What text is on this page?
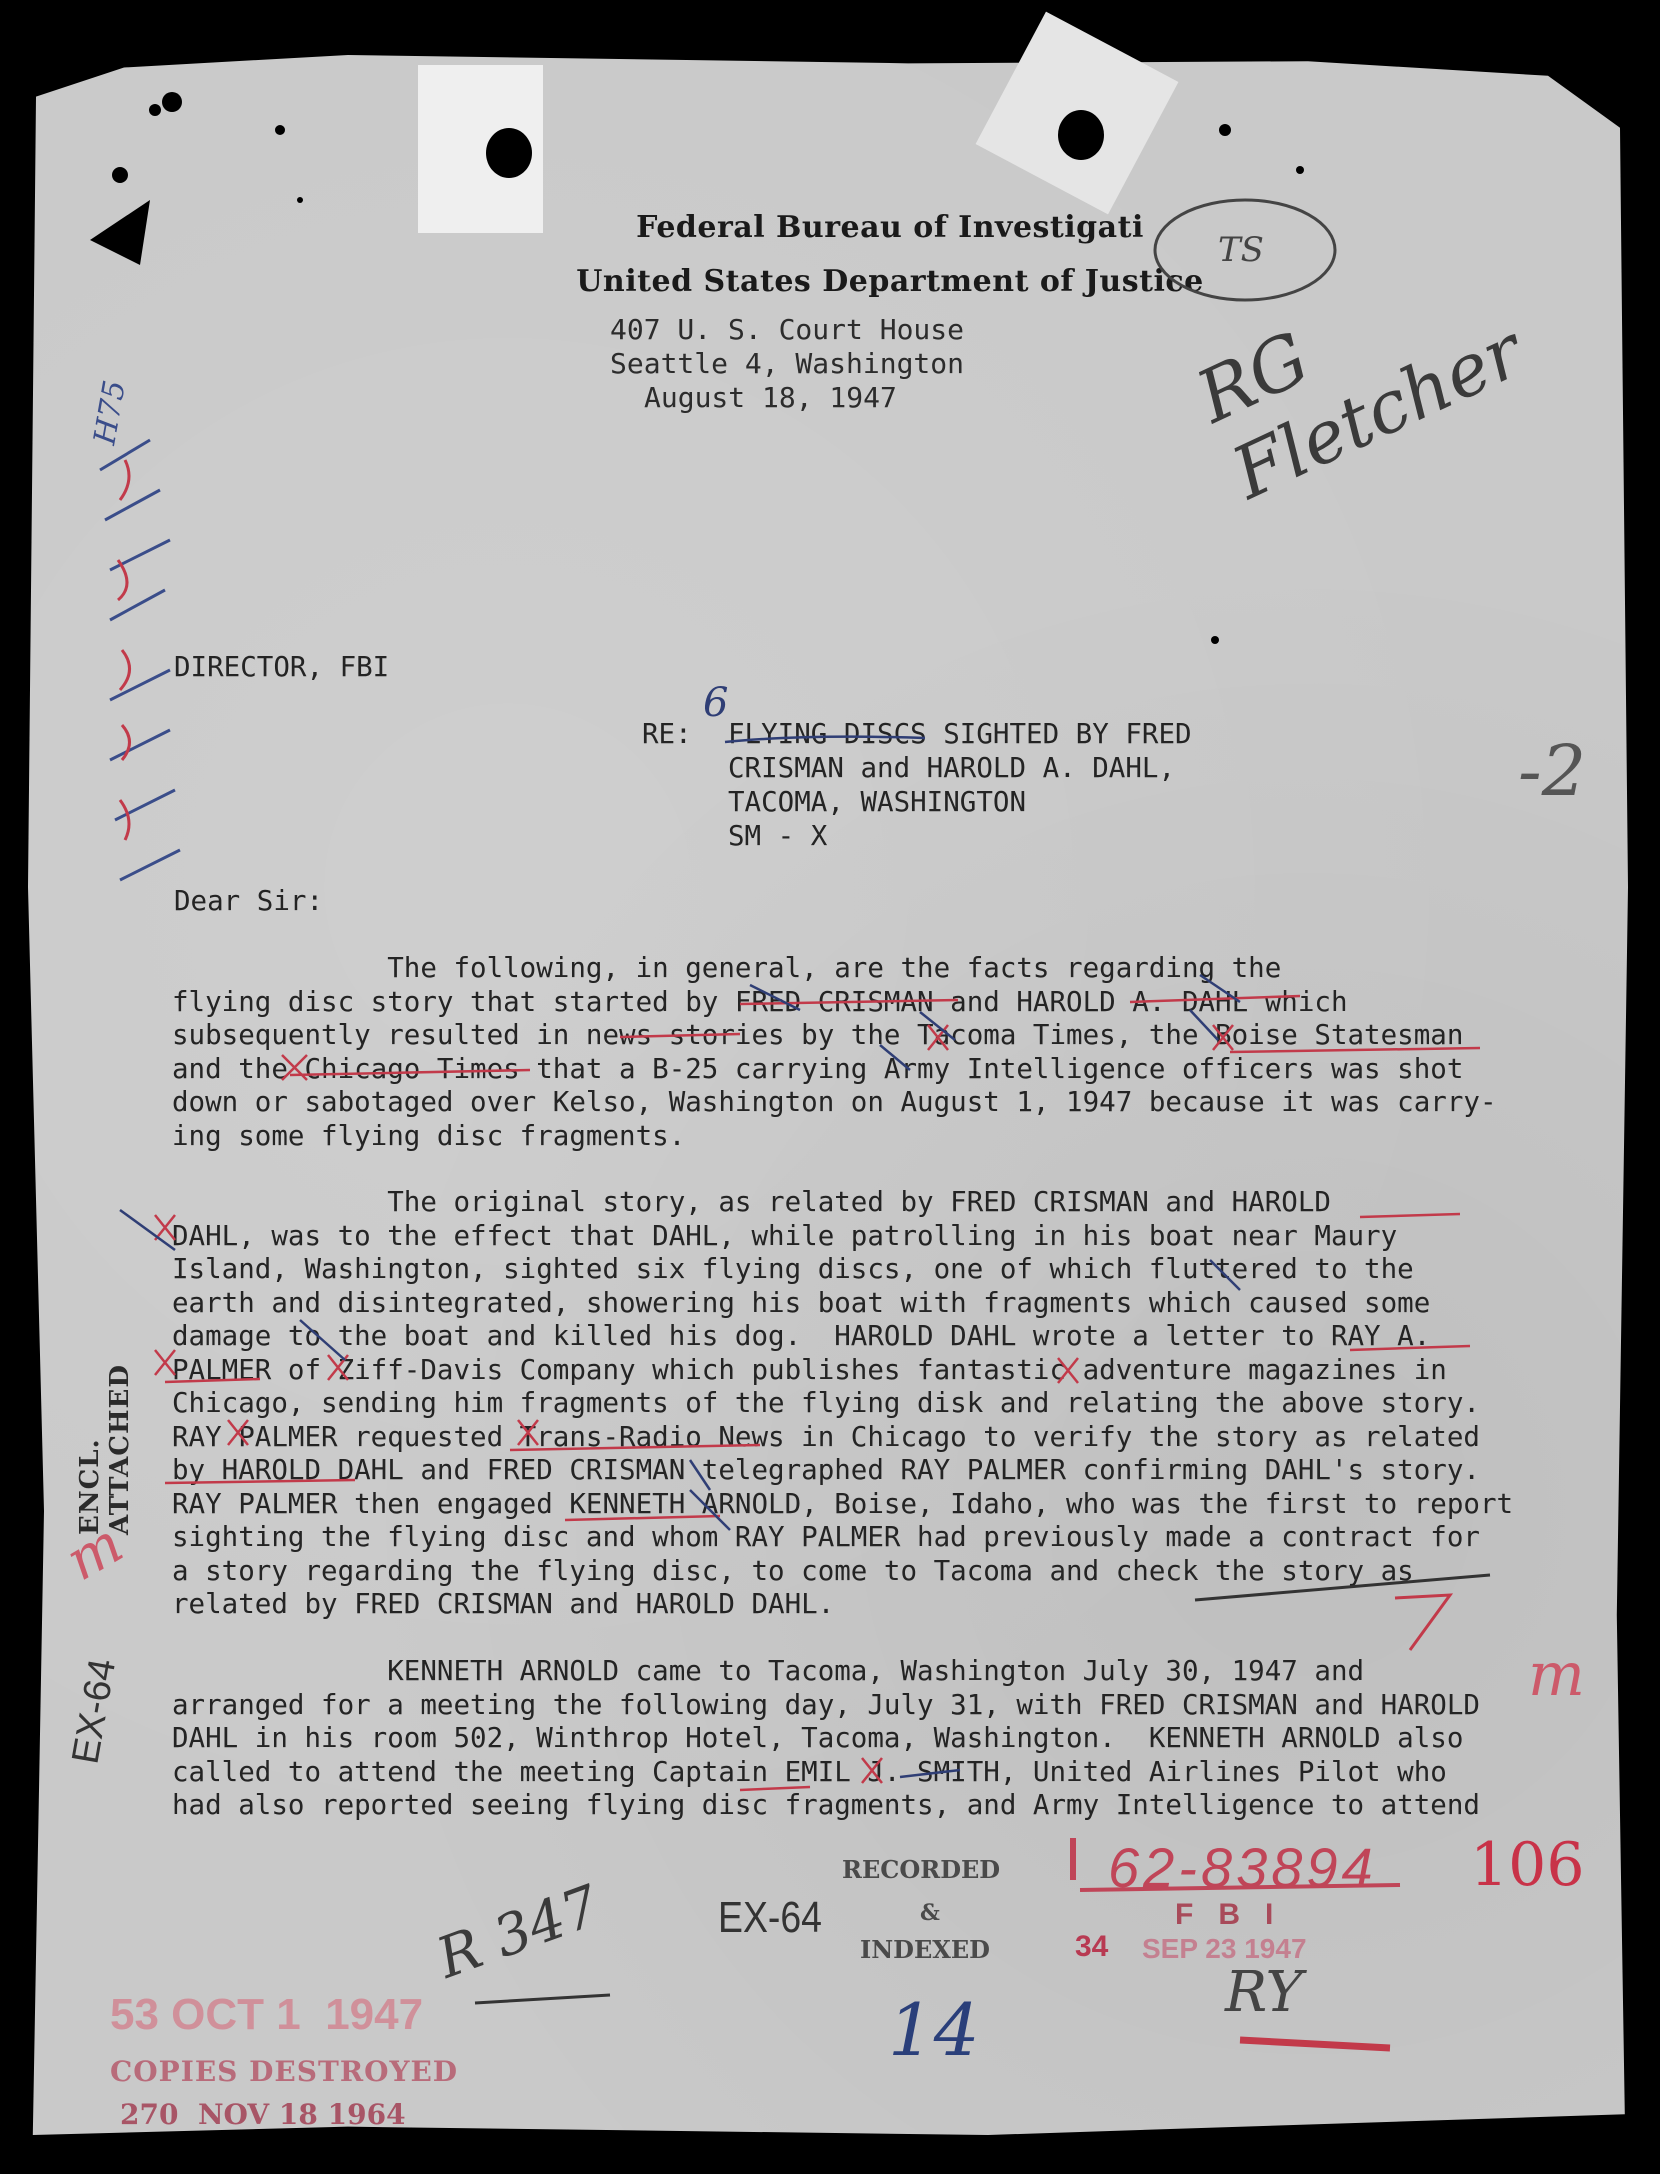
Federal Bureau of Investigati
United States Department of Justice
407 U. S. Court House
Seattle 4, Washington
August 18, 1947
DIRECTOR, FBI
RE: FLYING DISCS SIGHTED BY FRED
CRISMAN and HAROLD A. DAHL,
TACOMA, WASHINGTON
SM - X
Dear Sir:
The following, in general, are the facts regarding the
flying disc story that started by FRED CRISMAN and HAROLD A. DAHL which
subsequently resulted in news stories by the Tacoma Times, the Boise Statesman
and the Chicago Times that a B-25 carrying Army Intelligence officers was shot
down or sabotaged over Kelso, Washington on August 1, 1947 because it was carry-
ing some flying disc fragments.
The original story, as related by FRED CRISMAN and HAROLD
DAHL, was to the effect that DAHL, while patrolling in his boat near Maury
Island, Washington, sighted six flying discs, one of which fluttered to the
earth and disintegrated, showering his boat with fragments which caused some
damage to the boat and killed his dog.  HAROLD DAHL wrote a letter to RAY A.
PALMER of Ziff-Davis Company which publishes fantastic adventure magazines in
Chicago, sending him fragments of the flying disk and relating the above story.
RAY PALMER requested Trans-Radio News in Chicago to verify the story as related
by HAROLD DAHL and FRED CRISMAN telegraphed RAY PALMER confirming DAHL's story.
RAY PALMER then engaged KENNETH ARNOLD, Boise, Idaho, who was the first to report
sighting the flying disc and whom RAY PALMER had previously made a contract for
a story regarding the flying disc, to come to Tacoma and check the story as
related by FRED CRISMAN and HAROLD DAHL.
KENNETH ARNOLD came to Tacoma, Washington July 30, 1947 and
arranged for a meeting the following day, July 31, with FRED CRISMAN and HAROLD
DAHL in his room 502, Winthrop Hotel, Tacoma, Washington.  KENNETH ARNOLD also
called to attend the meeting Captain EMIL J. SMITH, United Airlines Pilot who
had also reported seeing flying disc fragments, and Army Intelligence to attend
ENCL. ATTACHED
EX-64
EX-64
RECORDED
&
INDEXED
62-83894 106
F   B   I
34 SEP 23 1947
53 OCT 1  1947
COPIES DESTROYED
270  NOV 18 1964
RG Fletcher
TS
6
14
R 347
-2
m
m
RY
H75
